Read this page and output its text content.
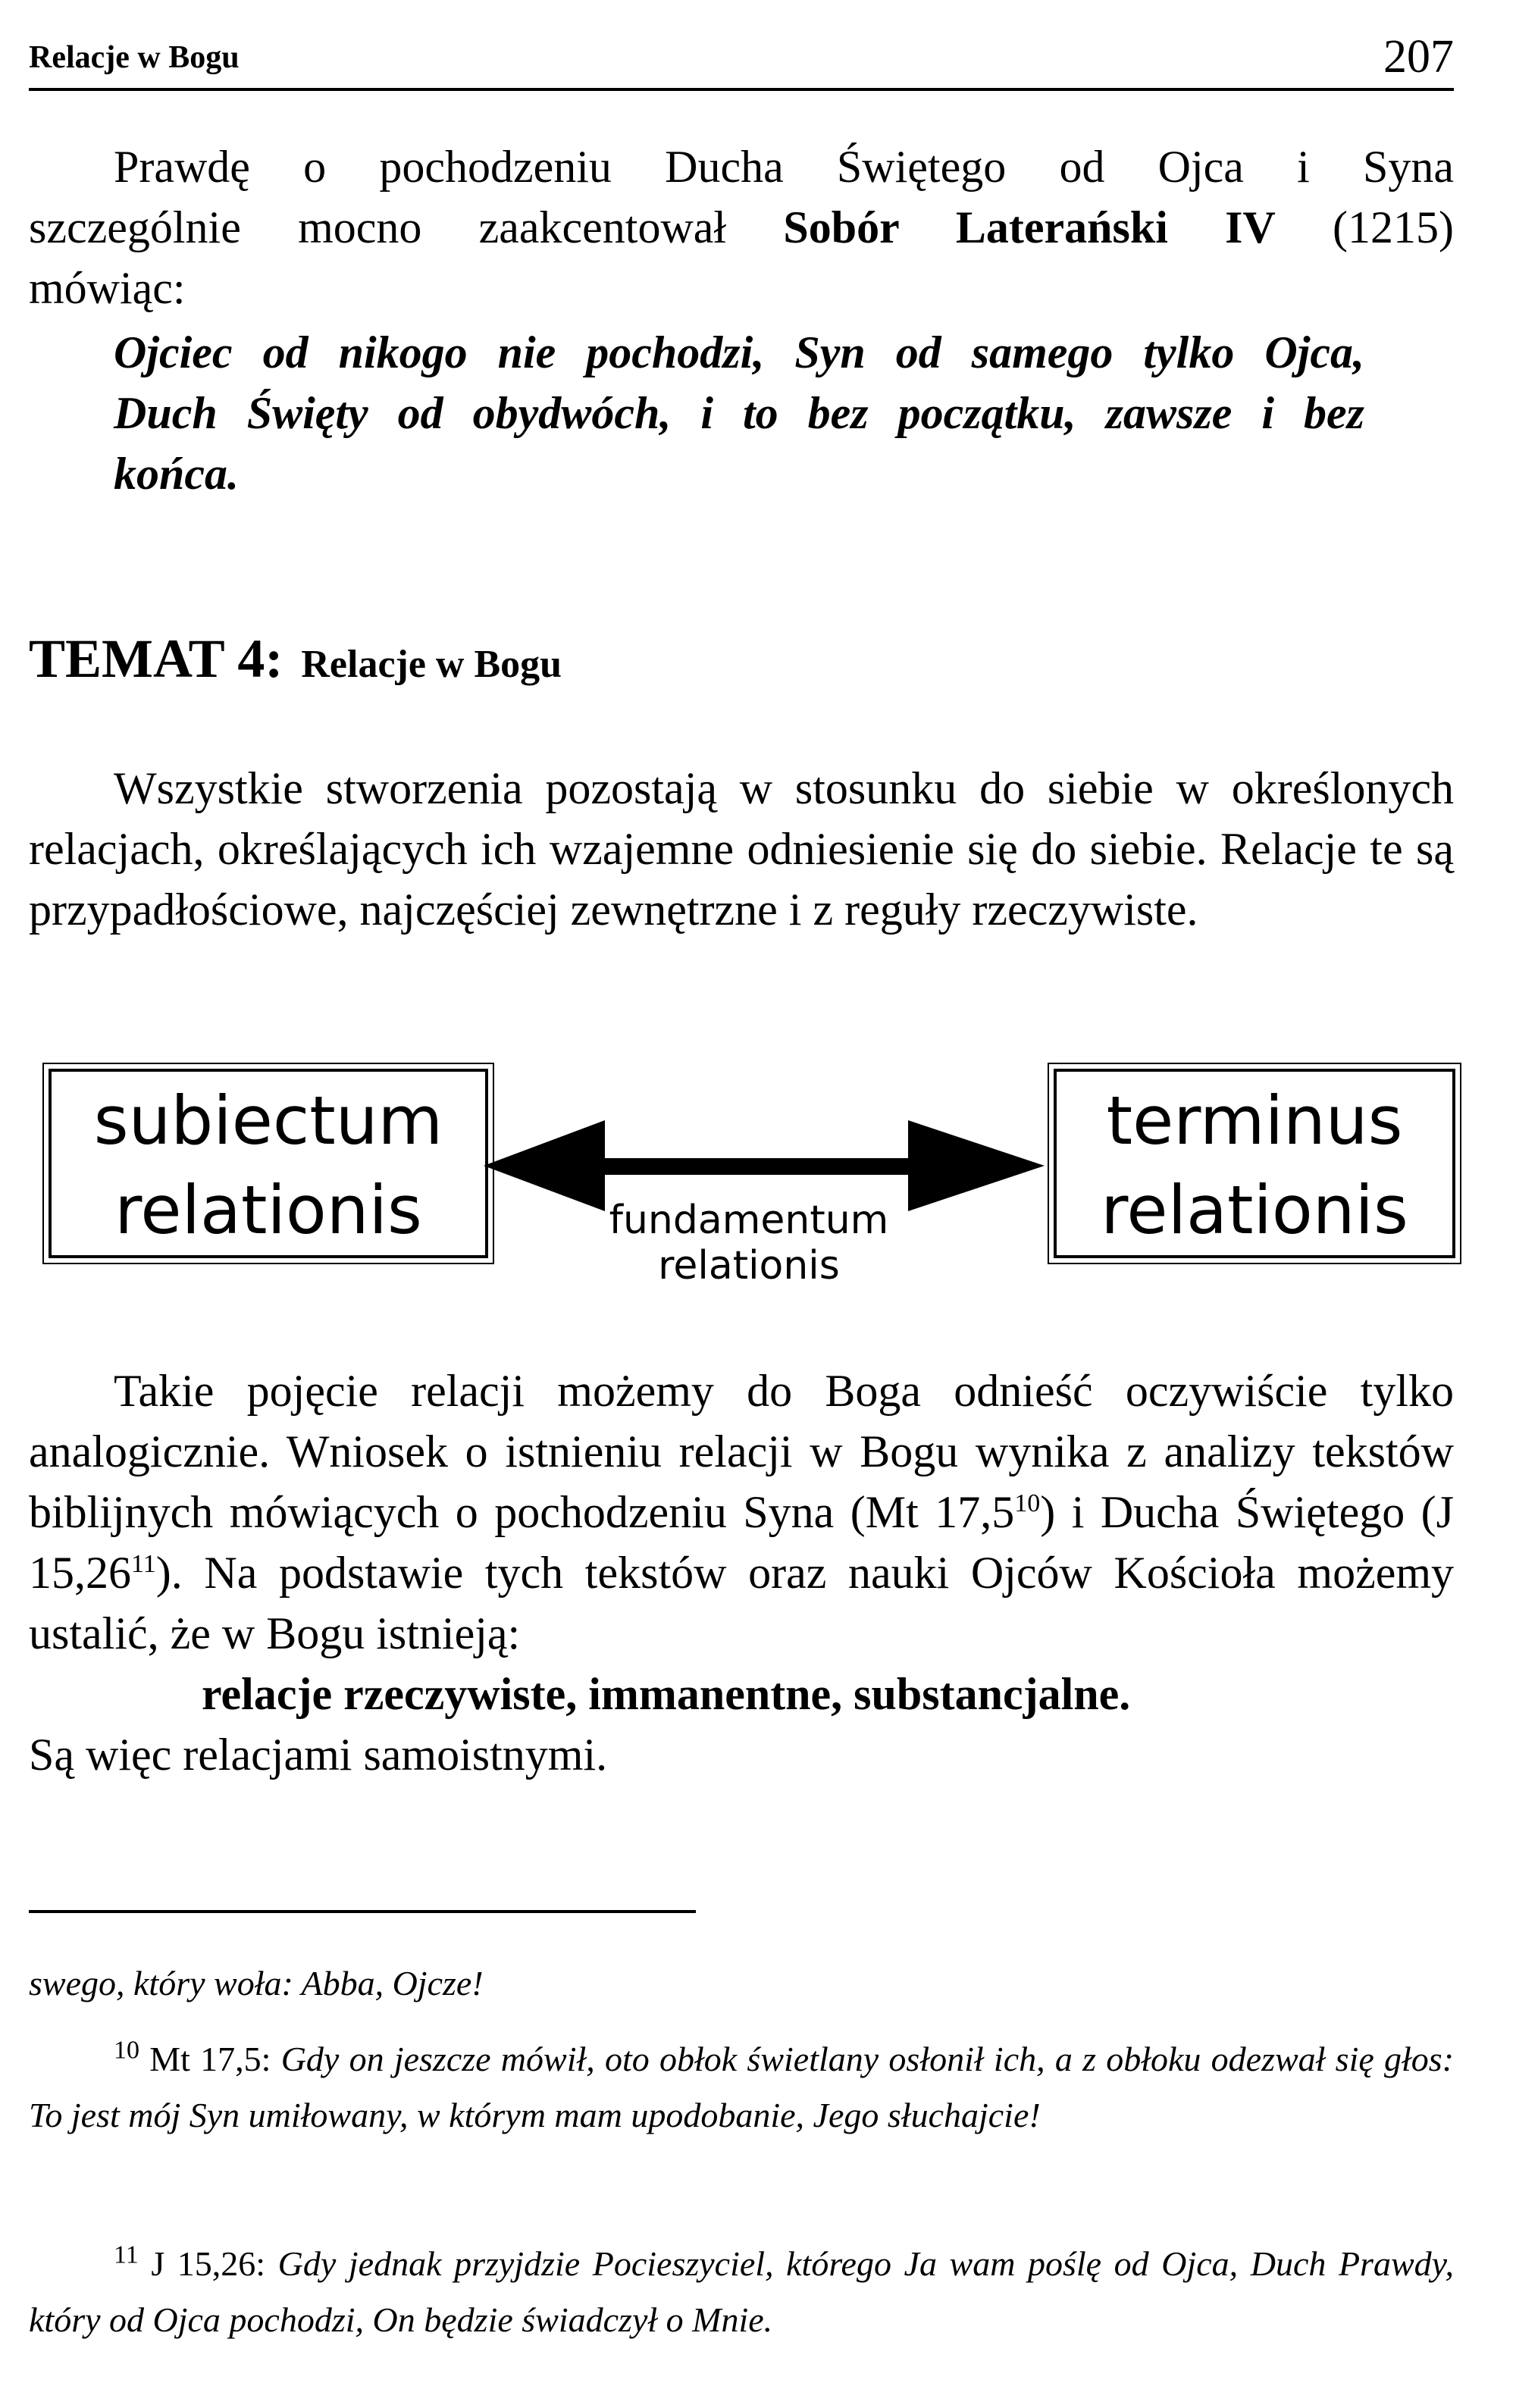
Relacje w Bogu	207

Prawdę o pochodzeniu Ducha Świętego od Ojca i Syna

szczególnie mocno zaakcentował Sobór Laterański IV (1215)

mówiąc:

Ojciec od nikogo nie pochodzi, Syn od samego tylko Ojca,
Duch Święty od obydwóch, i to bez początku, zawsze i bez
końca.
TEMAT 4: Relacje w Bogu

Wszystkie stworzenia pozostają w stosunku do siebie w określonych relacjach, określających ich wzajemne odniesienie się do siebie. Relacje te są przypadłościowe, najczęściej zewnętrzne i z reguły rzeczywiste.

subiectum
relationis
terminus
relationis
fundamentum
relationis

Takie pojęcie relacji możemy do Boga odnieść oczywiście tylko analogicznie. Wniosek o istnieniu relacji w Bogu wynika z analizy tekstów biblijnych mówiących o pochodzeniu Syna (Mt 17,5$^{10}$) i Ducha Świętego (J 15,26$^{11}$). Na podstawie tych tekstów oraz nauki Ojców Kościoła możemy ustalić, że w Bogu istnieją:

relacje rzeczywiste, immanentne, substancjalne.

Są więc relacjami samoistnymi.

swego, który woła: Abba, Ojcze!
$^{10}$ Mt 17,5: Gdy on jeszcze mówił, oto obłok świetlany osłonił ich, a z obłoku odezwał się głos: To jest mój Syn umiłowany, w którym mam upodobanie, Jego słuchajcie!
$^{11}$ J 15,26: Gdy jednak przyjdzie Pocieszyciel, którego Ja wam poślę od Ojca, Duch Prawdy, który od Ojca pochodzi, On będzie świadczył o Mnie.
